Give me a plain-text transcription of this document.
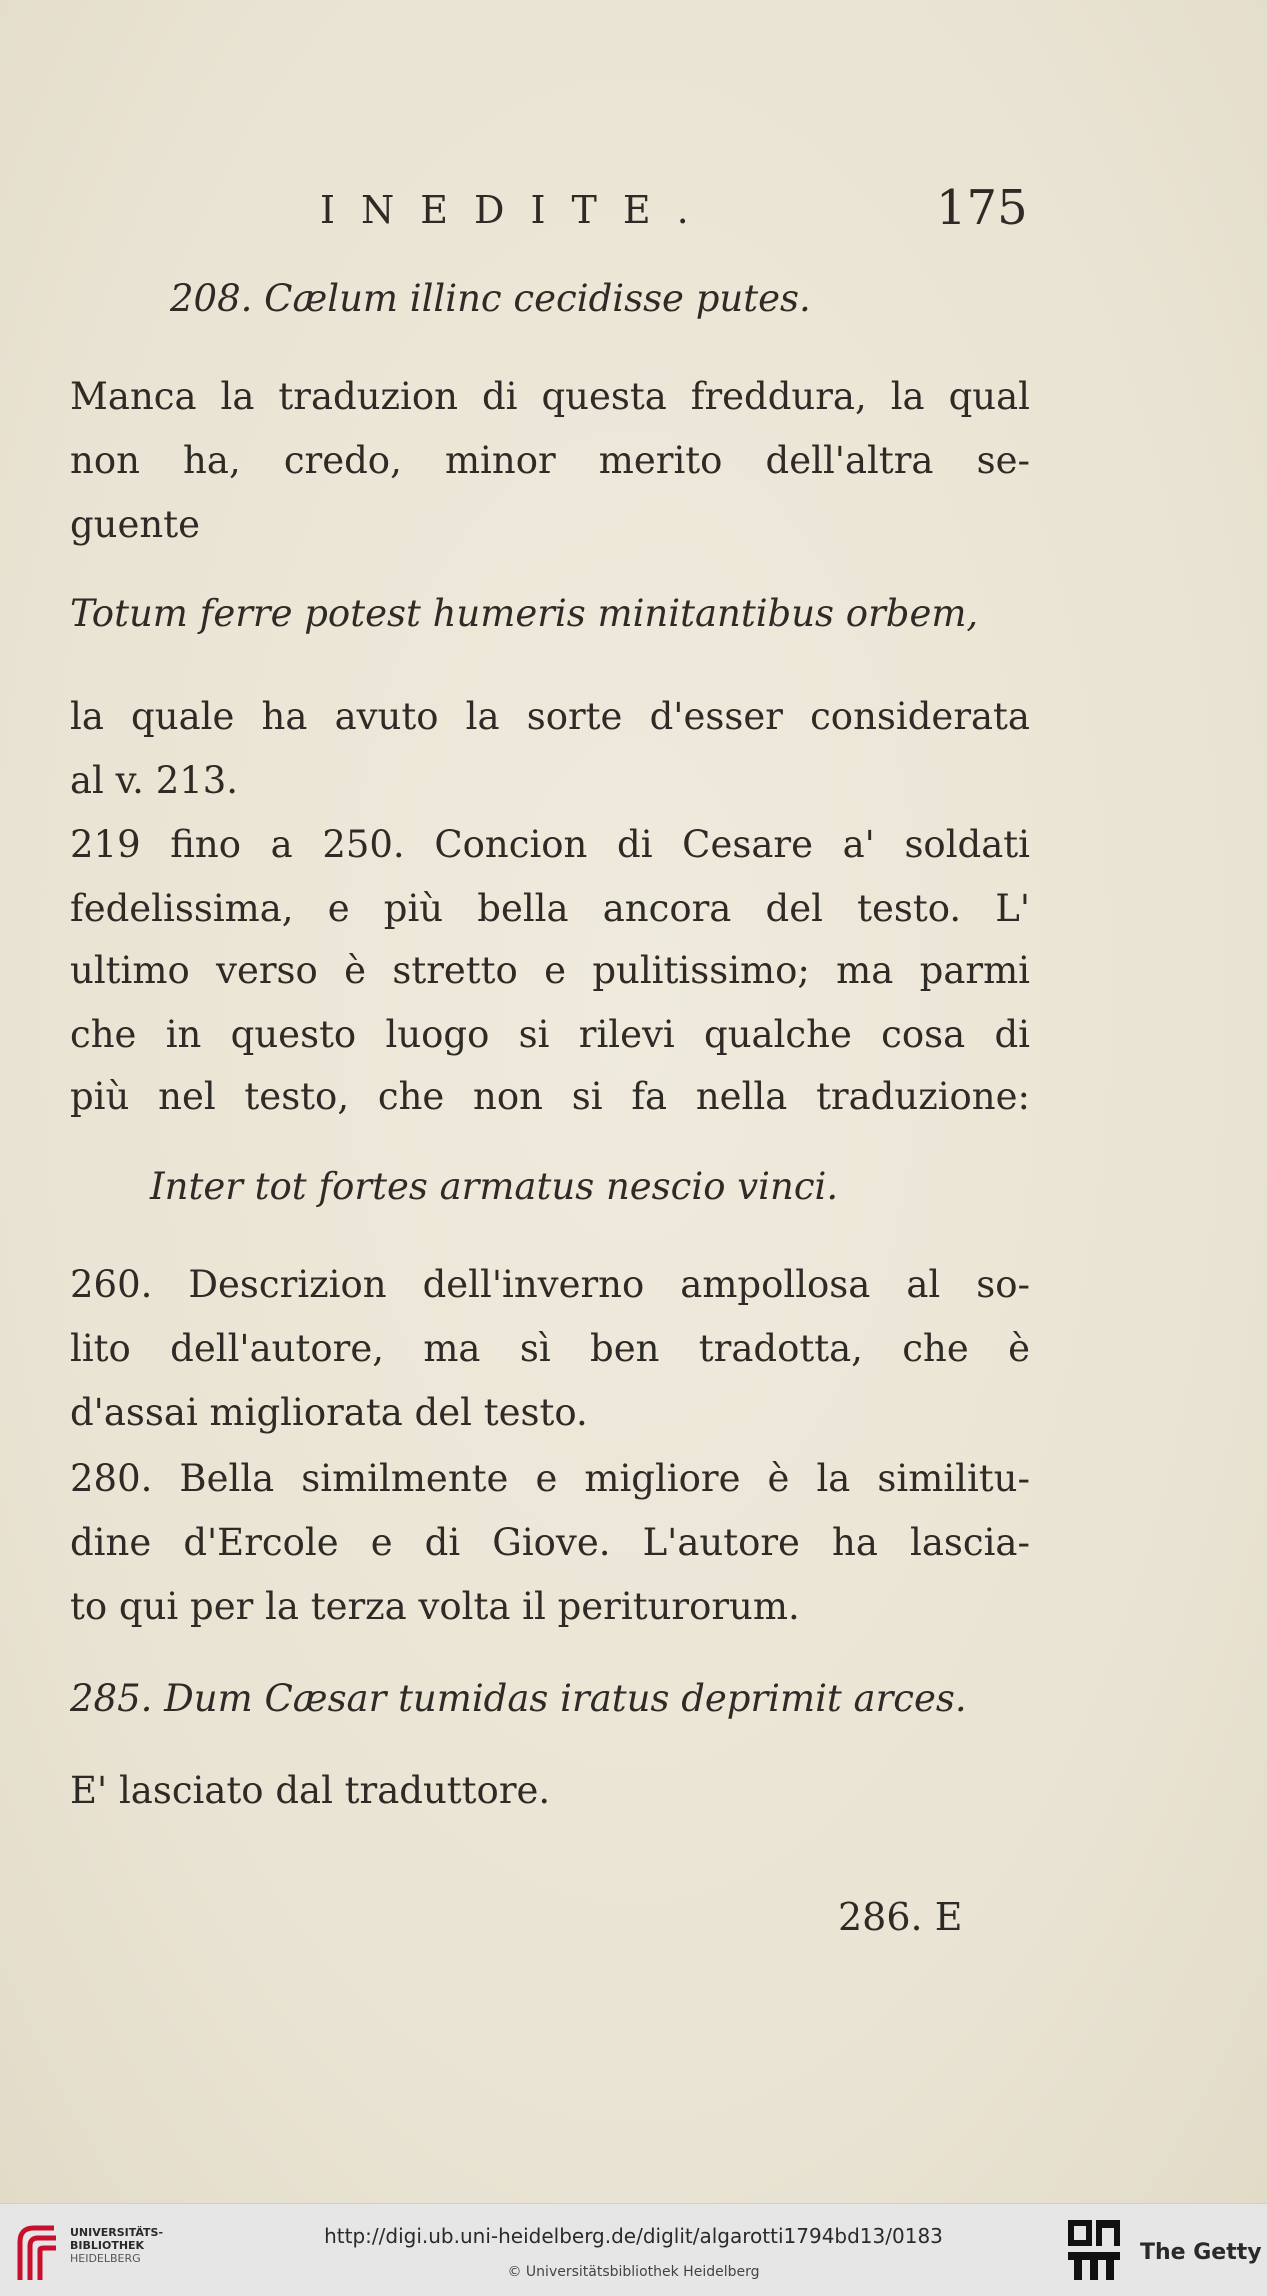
INEDITE.	175

208. Cælum illinc cecidisse putes.

Manca la traduzion di questa freddura, la qual

non ha, credo, minor merito dell'altra se-

guente

Totum ferre potest humeris minitantibus orbem,

la quale ha avuto la sorte d'esser considerata

al v. 213.

219 fino a 250. Concion di Cesare a' soldati

fedelissima, e più bella ancora del testo. L'

ultimo verso è stretto e pulitissimo; ma parmi

che in questo luogo si rilevi qualche cosa di

più nel testo, che non si fa nella traduzione:

Inter tot fortes armatus nescio vinci.

260. Descrizion dell'inverno ampollosa al so-

lito dell'autore, ma sì ben tradotta, che è

d'assai migliorata del testo.

280. Bella similmente e migliore è la similitu-

dine d'Ercole e di Giove. L'autore ha lascia-

to qui per la terza volta il periturorum.

285. Dum Cæsar tumidas iratus deprimit arces.

E' lasciato dal traduttore.

286. E
UNIVERSITÄTS-
BIBLIOTHEK
HEIDELBERG
http://digi.ub.uni-heidelberg.de/diglit/algarotti1794bd13/0183
© Universitätsbibliothek Heidelberg
The Getty
